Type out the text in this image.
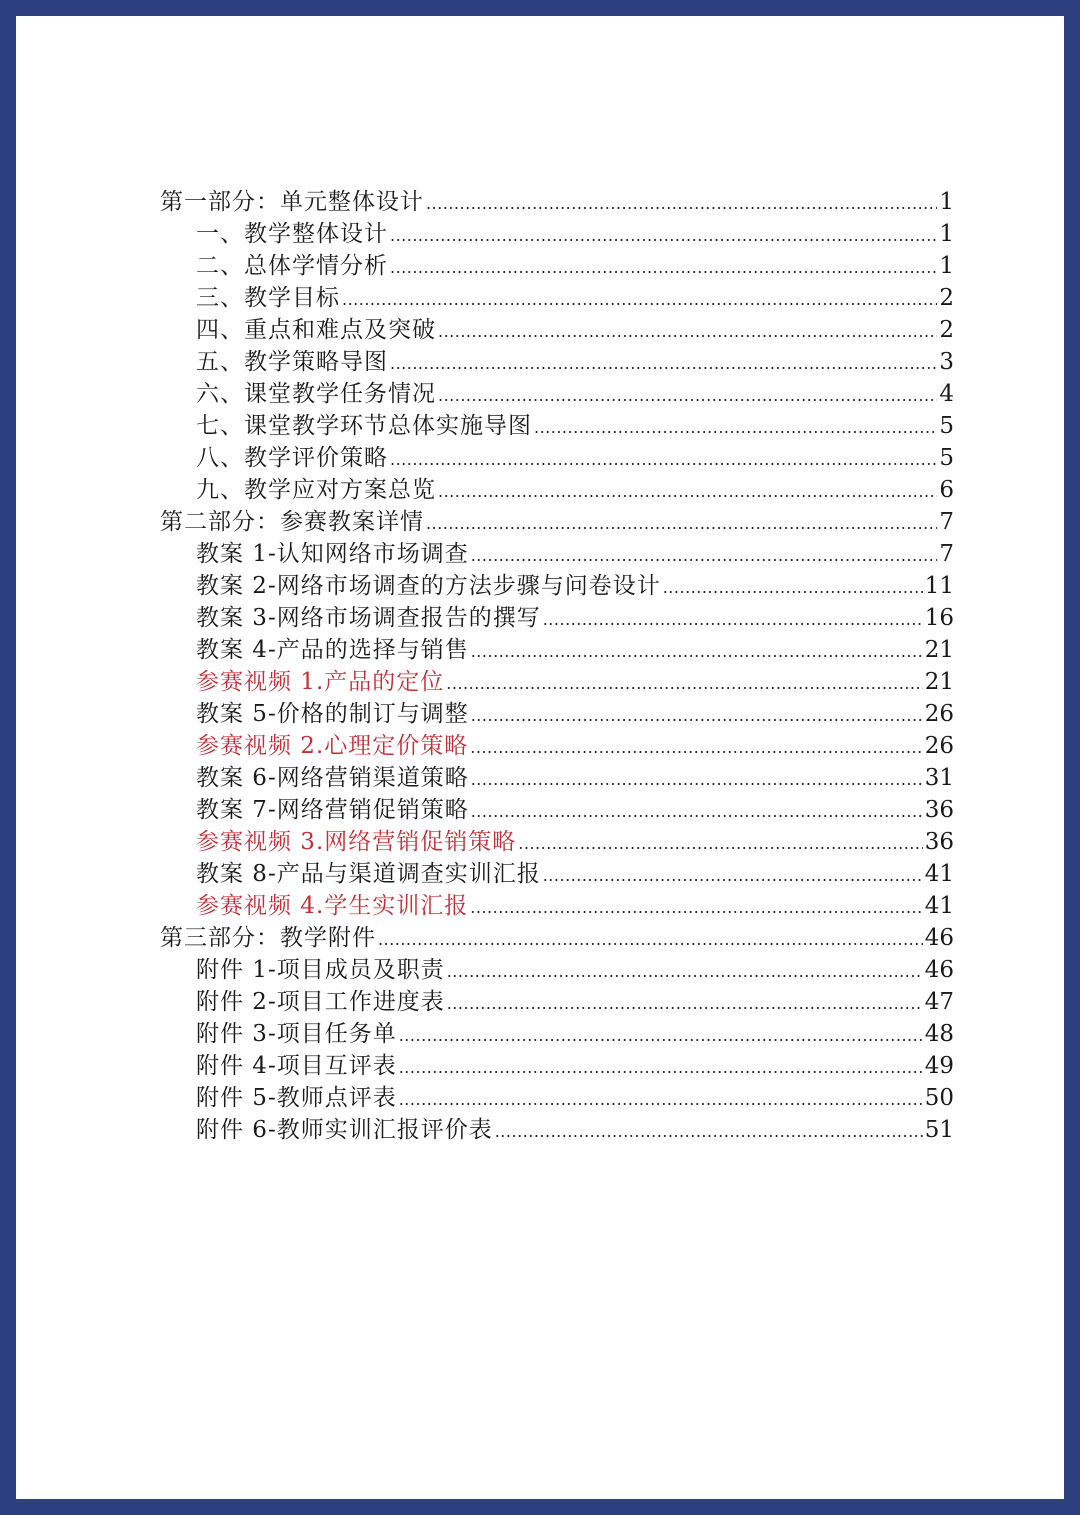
第一部分：单元整体设计 .....	1
一、教学整体设计 .....	1
二、总体学情分析 .....	1
三、教学目标 .....	2
四、重点和难点及突破 .....	2
五、教学策略导图 .....	3
六、课堂教学任务情况 .....	4
七、课堂教学环节总体实施导图 .....	5
八、教学评价策略 .....	5
九、教学应对方案总览 .....	6
第二部分：参赛教案详情 .....	7
教案 1-认知网络市场调查 .....	7
教案 2-网络市场调查的方法步骤与问卷设计 .....	11
教案 3-网络市场调查报告的撰写 .....	16
教案 4-产品的选择与销售 .....	21
参赛视频 1.产品的定位 .....	21
教案 5-价格的制订与调整 .....	26
参赛视频 2.心理定价策略 .....	26
教案 6-网络营销渠道策略 .....	31
教案 7-网络营销促销策略 .....	36
参赛视频 3.网络营销促销策略 .....	36
教案 8-产品与渠道调查实训汇报 .....	41
参赛视频 4.学生实训汇报 .....	41
第三部分：教学附件 .....	46
附件 1-项目成员及职责 .....	46
附件 2-项目工作进度表 .....	47
附件 3-项目任务单 .....	48
附件 4-项目互评表 .....	49
附件 5-教师点评表 .....	50
附件 6-教师实训汇报评价表 .....	51
